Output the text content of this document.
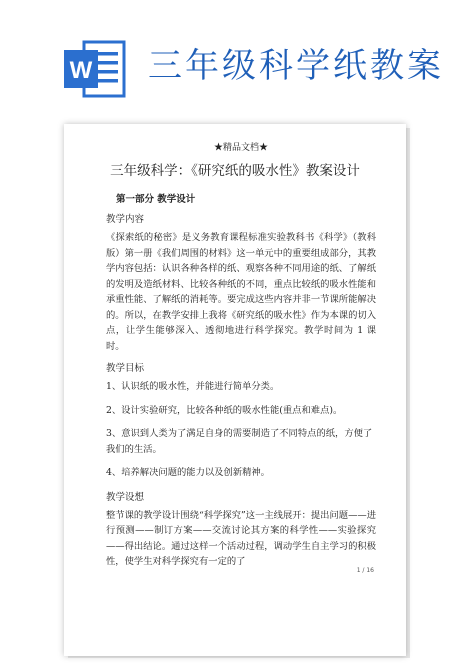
W 三年级科学纸教案
★精品文档★
三年级科学：《研究纸的吸水性》教案设计
第一部分 教学设计
教学内容
《探索纸的秘密》是义务教育课程标准实验教科书《科学》（教科版）第一册《我们周围的材料》这一单元中的重要组成部分，其教学内容包括：认识各种各样的纸、观察各种不同用途的纸、了解纸的发明及造纸材料、比较各种纸的不同，重点比较纸的吸水性能和承重性能、了解纸的消耗等。要完成这些内容并非一节课所能解决的。所以，在教学安排上我将《研究纸的吸水性》作为本课的切入点，让学生能够深入、透彻地进行科学探究。教学时间为 1 课时。
教学目标
1、认识纸的吸水性，并能进行简单分类。
2、设计实验研究，比较各种纸的吸水性能(重点和难点)。
3、意识到人类为了满足自身的需要制造了不同特点的纸，方便了我们的生活。
4、培养解决问题的能力以及创新精神。
教学设想
整节课的教学设计围绕“科学探究”这一主线展开：提出问题——进行预测——制订方案——交流讨论其方案的科学性——实验探究——得出结论。通过这样一个活动过程，调动学生自主学习的积极性，使学生对科学探究有一定的了
1 / 16
